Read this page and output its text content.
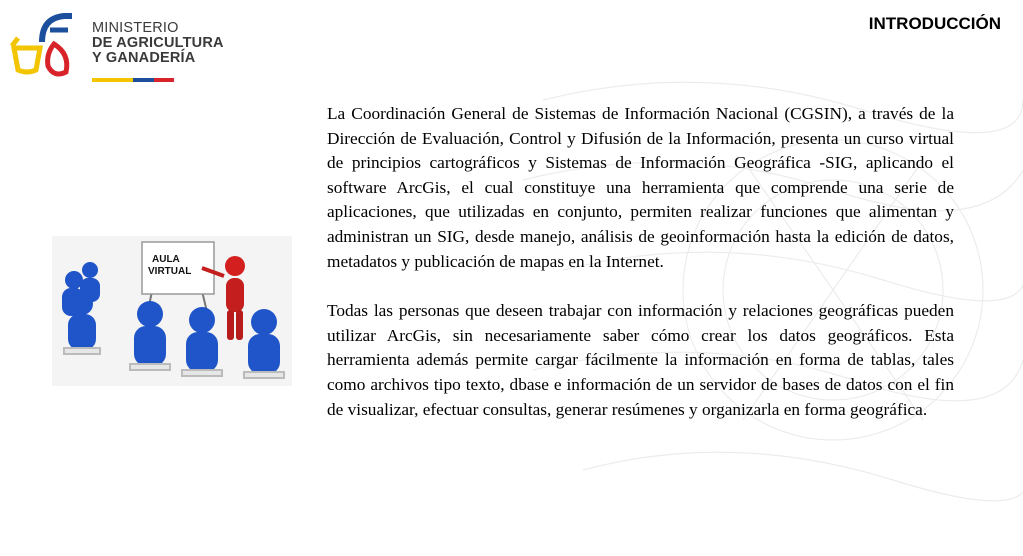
MINISTERIO
DE AGRICULTURA
Y GANADERÍA
INTRODUCCIÓN
AULA
VIRTUAL

La Coordinación General de Sistemas de Información Nacional (CGSIN), a través de la Dirección de Evaluación, Control y Difusión de la Información, presenta un curso virtual de principios cartográficos y Sistemas de Información Geográfica -SIG, aplicando el software ArcGis, el cual constituye una herramienta que comprende una serie de aplicaciones, que utilizadas en conjunto, permiten realizar funciones que alimentan y administran un SIG, desde manejo, análisis de geoinformación hasta la edición de datos, metadatos y publicación de mapas en la Internet.

Todas las personas que deseen trabajar con información y relaciones geográficas pueden utilizar ArcGis, sin necesariamente saber cómo crear los datos geográficos. Esta herramienta además permite cargar fácilmente la información en forma de tablas, tales como archivos tipo texto, dbase e información de un servidor de bases de datos con el fin de visualizar, efectuar consultas, generar resúmenes y organizarla en forma geográfica.
